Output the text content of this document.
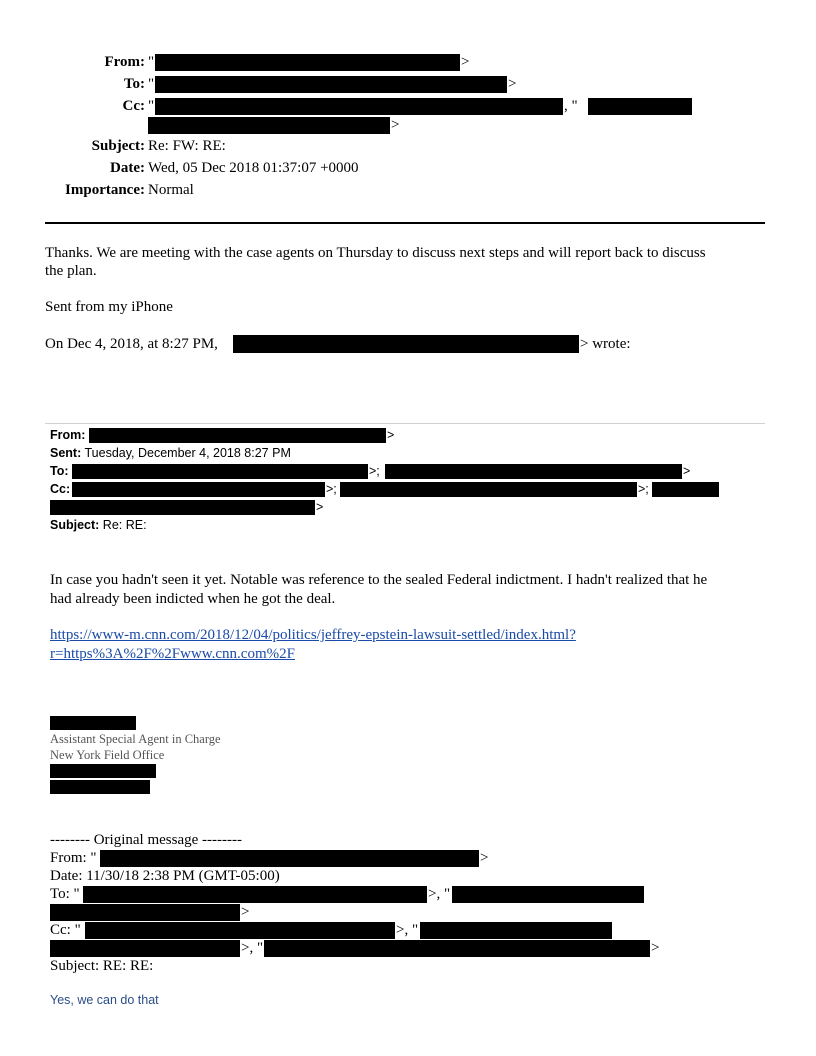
From: "	>
To: "	>
Cc: "	, "
>
Subject: Re: FW: RE:
Date: Wed, 05 Dec 2018 01:37:07 +0000
Importance: Normal
Thanks. We are meeting with the case agents on Thursday to discuss next steps and will report back to discuss
the plan.
Sent from my iPhone
On Dec 4, 2018, at 8:27 PM,	> wrote:
From:	>
Sent: Tuesday, December 4, 2018 8:27 PM
To:	>;	>
Cc:	>;	>;
>
Subject: Re: RE:
In case you hadn't seen it yet. Notable was reference to the sealed Federal indictment. I hadn't realized that he
had already been indicted when he got the deal.
https://www-m.cnn.com/2018/12/04/politics/jeffrey-epstein-lawsuit-settled/index.html?
r=https%3A%2F%2Fwww.cnn.com%2F
Assistant Special Agent in Charge
New York Field Office
-------- Original message --------
From: "	>
Date: 11/30/18 2:38 PM (GMT-05:00)
To: "	>, "
>
Cc: "	>, "
>, "	>
Subject: RE: RE:
Yes, we can do that
